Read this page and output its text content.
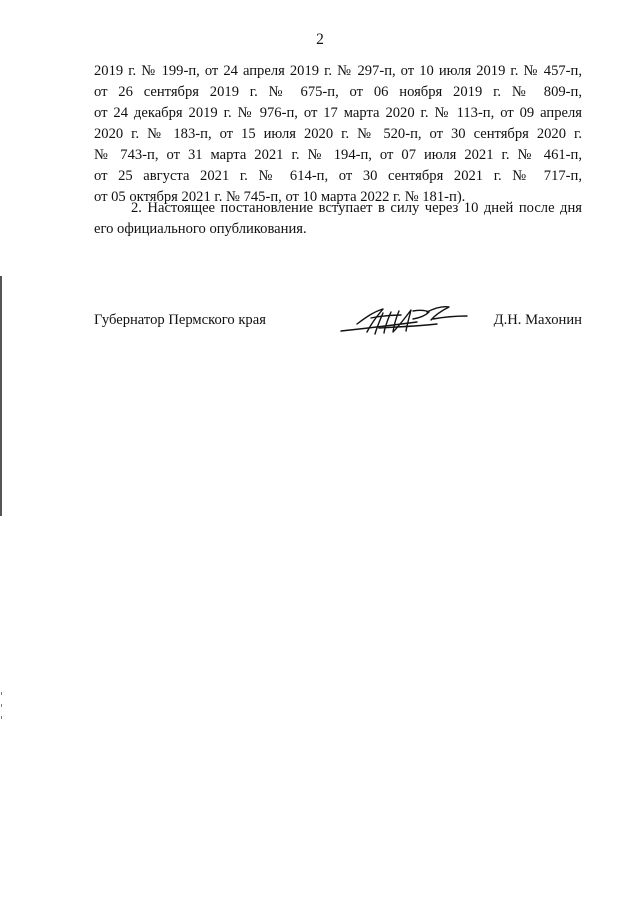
2
2019 г. № 199-п, от 24 апреля 2019 г. № 297-п, от 10 июля 2019 г. № 457-п,
от 26 сентября 2019 г. № 675-п, от 06 ноября 2019 г. № 809-п,
от 24 декабря 2019 г. № 976-п, от 17 марта 2020 г. № 113-п, от 09 апреля
2020 г. № 183-п, от 15 июля 2020 г. № 520-п, от 30 сентября 2020 г.
№ 743-п, от 31 марта 2021 г. № 194-п, от 07 июля 2021 г. № 461-п,
от 25 августа 2021 г. № 614-п, от 30 сентября 2021 г. № 717-п,
от 05 октября 2021 г. № 745-п, от 10 марта 2022 г. № 181-п).
2. Настоящее постановление вступает в силу через 10 дней после дня
его официального опубликования.
Губернатор Пермского края	Д.Н. Махонин
